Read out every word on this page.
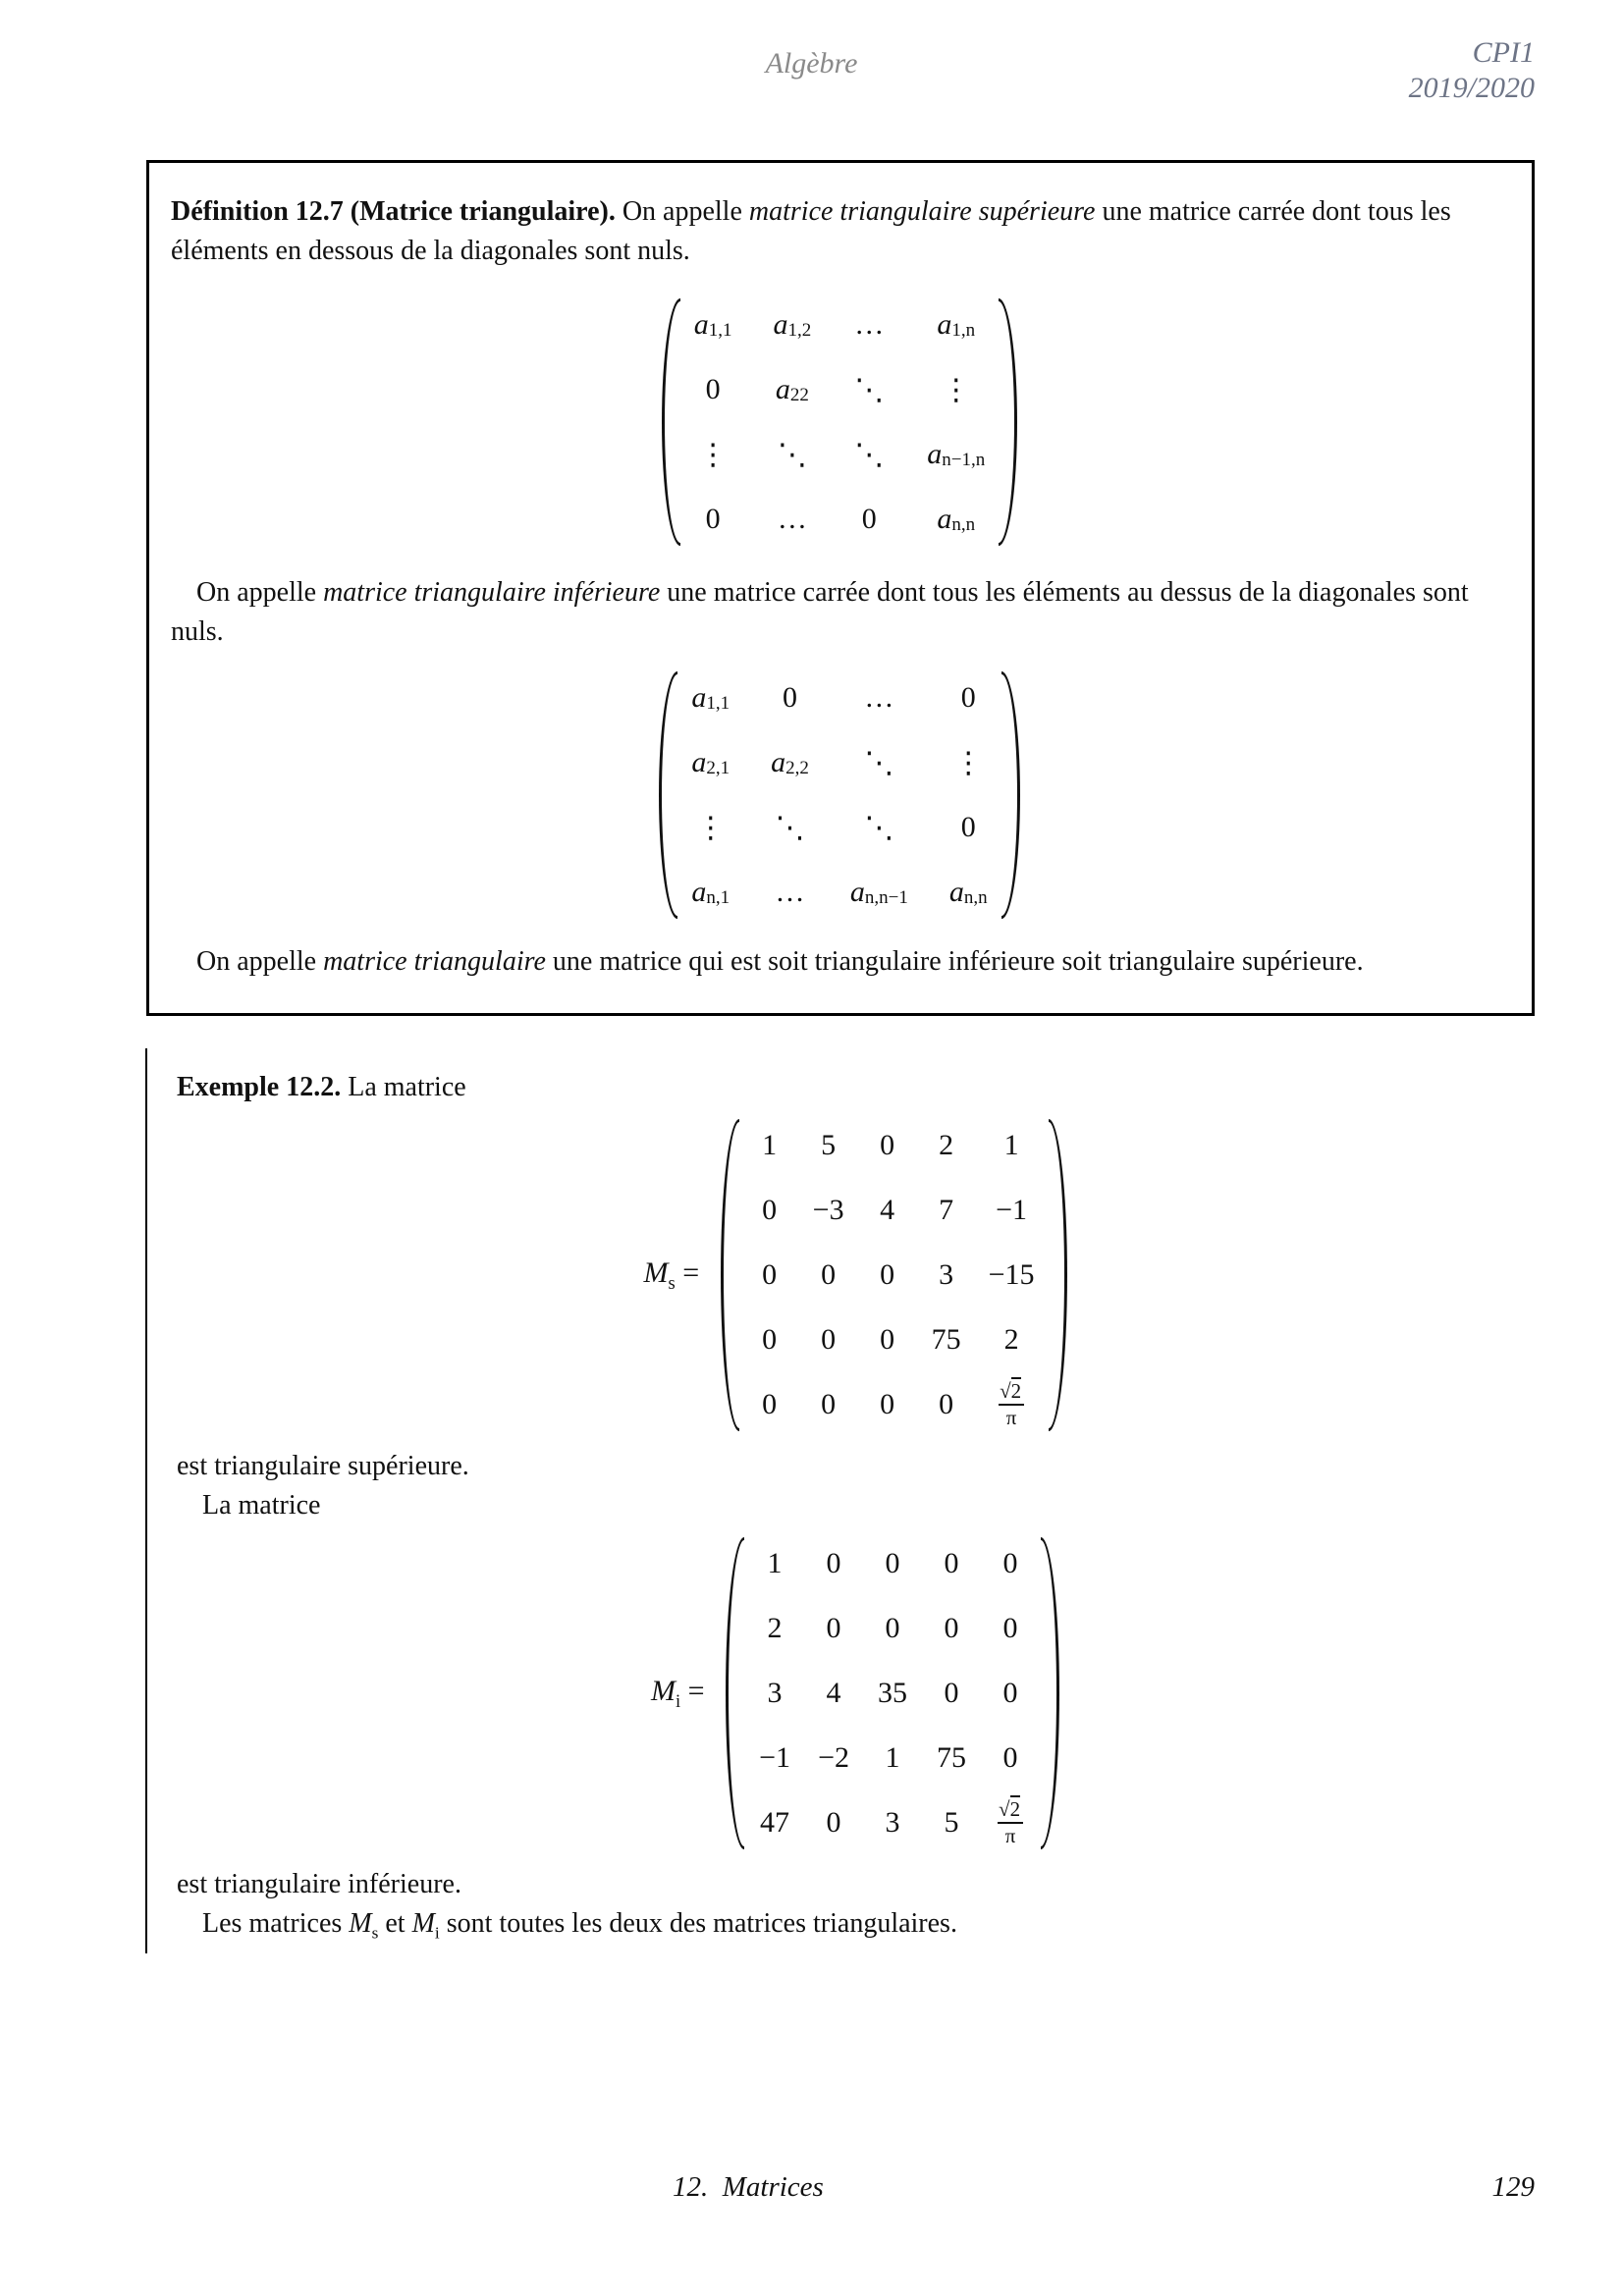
Algèbre	CPI1
2019/2020

Définition 12.7 (Matrice triangulaire). On appelle matrice triangulaire supérieure une matrice carrée dont tous les éléments en dessous de la diagonales sont nuls.

$a_{1,1}$ $a_{1,2}$ … $a_{1,n}$
0	$a_{22}$ ⋱	⋮
⋮ ⋱ ⋱ $a_{n-1,n}$
0	…	0	$a_{n,n}$

On appelle matrice triangulaire inférieure une matrice carrée dont tous les éléments au dessus de la diagonales sont nuls.

$a_{1,1}$	0	…	0
$a_{2,1}$ $a_{2,2}$	⋱	⋮
⋮ ⋱	⋱	0
$a_{n,1}$ … $a_{n,n-1}$ $a_{n,n}$

On appelle matrice triangulaire une matrice qui est soit triangulaire inférieure soit triangulaire supérieure.

Exemple 12.2. La matrice

$M_s$ =
1	5	0	2	1
0	−3	4	7	−1
0	0	0	3	−15
0	0	0	75	2
0	0	0	0	$\frac{√2}{\pi}$

est triangulaire supérieure.

La matrice

$M_i$ =
1	0	0	0	0
2	0	0	0	0
3	4	35	0	0
−1 −2	1	75	0
47	0	3	5	$\frac{√2}{\pi}$

est triangulaire inférieure.

Les matrices $M_s$ et $M_i$ sont toutes les deux des matrices triangulaires.

12.  Matrices	129
